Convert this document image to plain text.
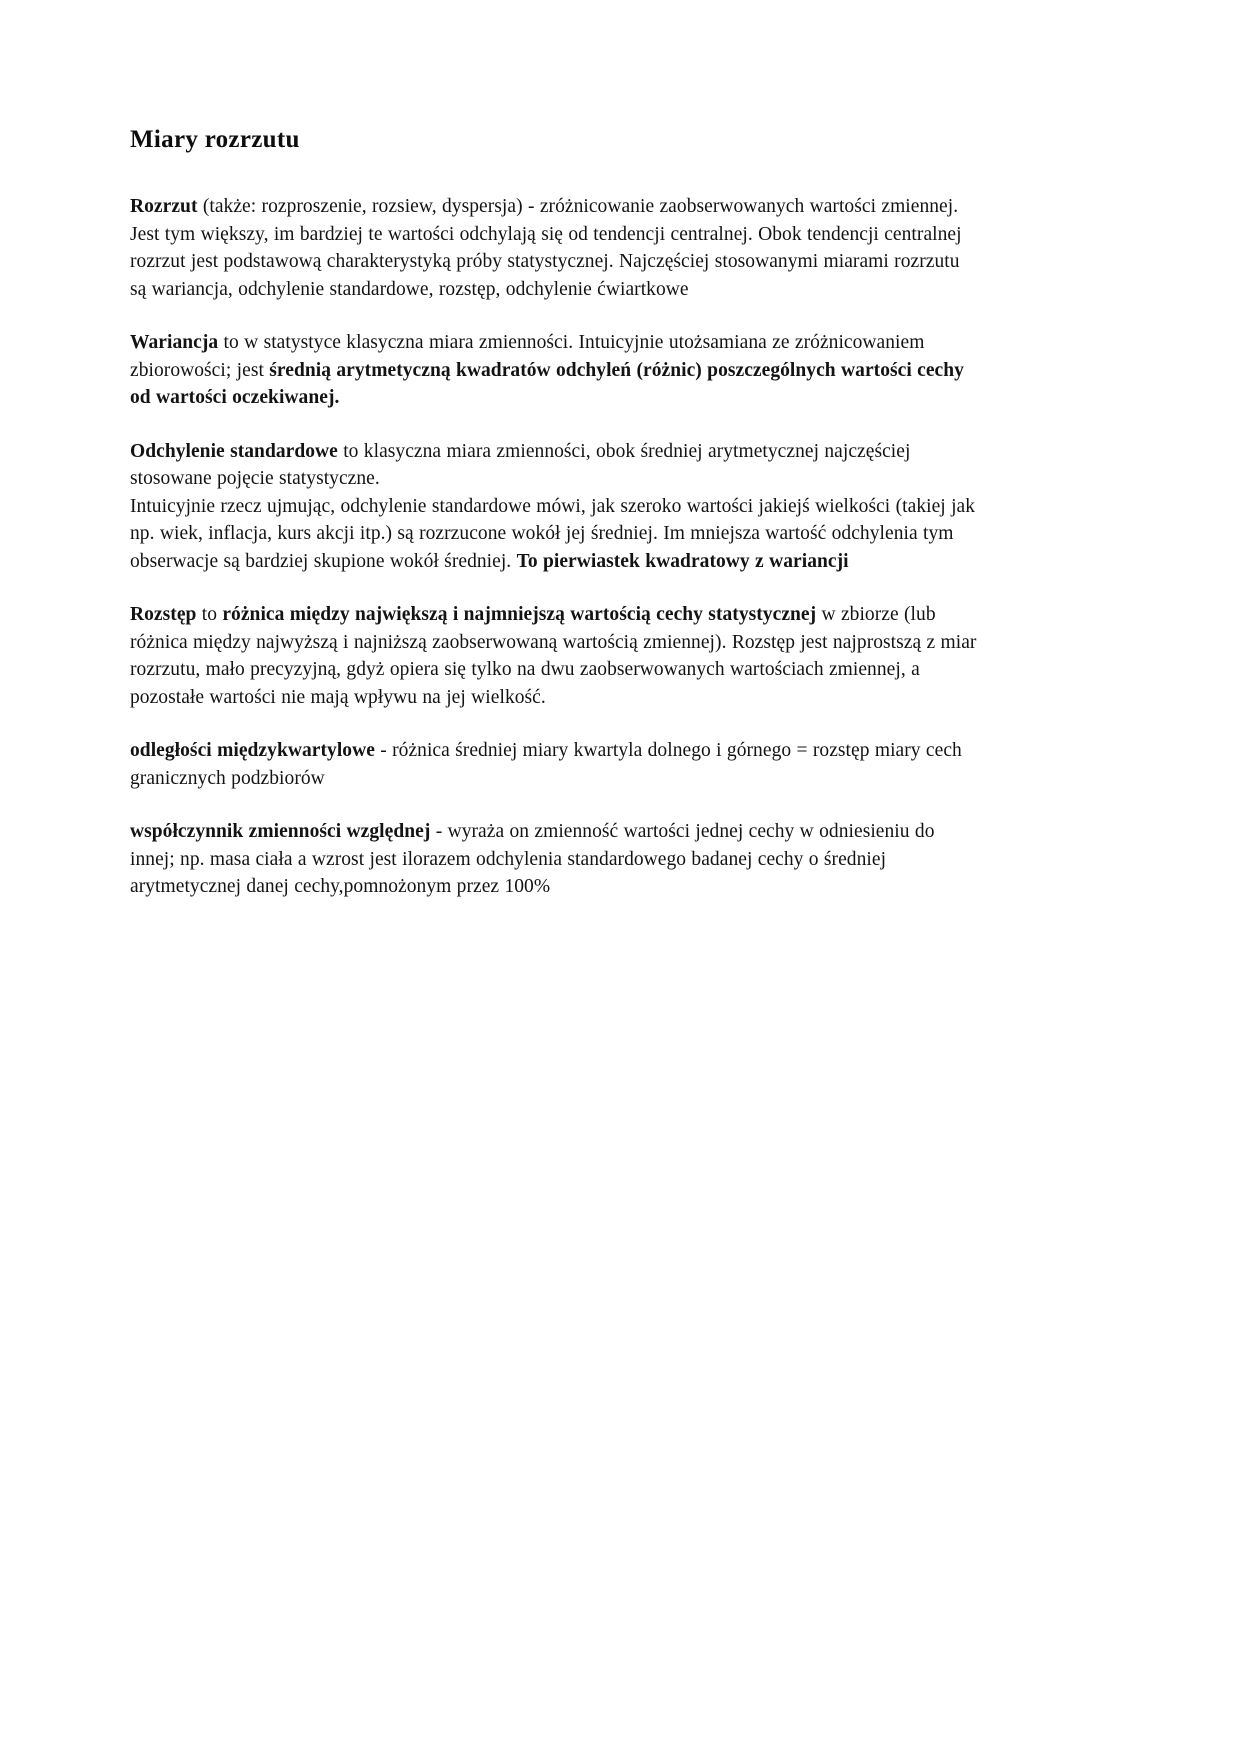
Miary rozrzutu

Rozrzut (także: rozproszenie, rozsiew, dyspersja) - zróżnicowanie zaobserwowanych wartości zmiennej. Jest tym większy, im bardziej te wartości odchylają się od tendencji centralnej. Obok tendencji centralnej rozrzut jest podstawową charakterystyką próby statystycznej. Najczęściej stosowanymi miarami rozrzutu są wariancja, odchylenie standardowe, rozstęp, odchylenie ćwiartkowe

Wariancja to w statystyce klasyczna miara zmienności. Intuicyjnie utożsamiana ze zróżnicowaniem zbiorowości; jest średnią arytmetyczną kwadratów odchyleń (różnic) poszczególnych wartości cechy od wartości oczekiwanej.

Odchylenie standardowe to klasyczna miara zmienności, obok średniej arytmetycznej najczęściej stosowane pojęcie statystyczne.
Intuicyjnie rzecz ujmując, odchylenie standardowe mówi, jak szeroko wartości jakiejś wielkości (takiej jak np. wiek, inflacja, kurs akcji itp.) są rozrzucone wokół jej średniej. Im mniejsza wartość odchylenia tym obserwacje są bardziej skupione wokół średniej. To pierwiastek kwadratowy z wariancji

Rozstęp to różnica między największą i najmniejszą wartością cechy statystycznej w zbiorze (lub różnica między najwyższą i najniższą zaobserwowaną wartością zmiennej). Rozstęp jest najprostszą z miar rozrzutu, mało precyzyjną, gdyż opiera się tylko na dwu zaobserwowanych wartościach zmiennej, a pozostałe wartości nie mają wpływu na jej wielkość.

odległości międzykwartylowe - różnica średniej miary kwartyla dolnego i górnego = rozstęp miary cech granicznych podzbiorów

współczynnik zmienności względnej - wyraża on zmienność wartości jednej cechy w odniesieniu do innej; np. masa ciała a wzrost jest ilorazem odchylenia standardowego badanej cechy o średniej arytmetycznej danej cechy,pomnożonym przez 100%
